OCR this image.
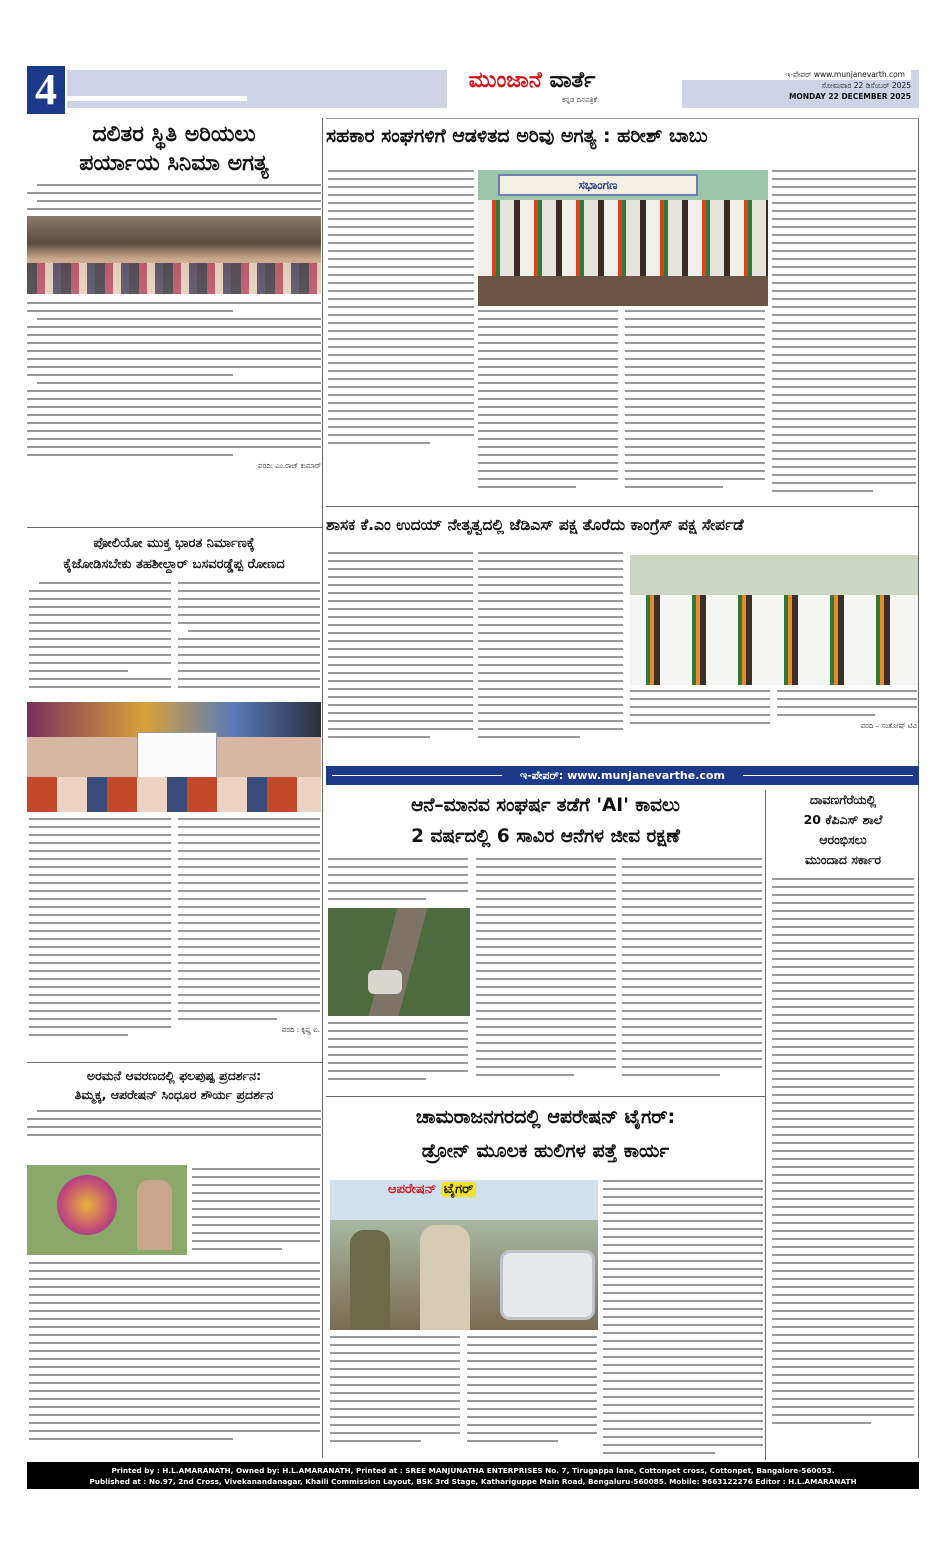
4	ಮುಂಜಾನೆ ವಾರ್ತೆ
ಕನ್ನಡ ದಿನಪತ್ರಿಕೆ
ಇ-ಪೇಪರ್ www.munjanevarth.com
ಸೋಮವಾರ 22 ಡಿಸೆಂಬರ್ 2025
MONDAY 22 DECEMBER 2025
ದಲಿತರ ಸ್ಥಿತಿ ಅರಿಯಲು
ಪರ್ಯಾಯ ಸಿನಿಮಾ ಅಗತ್ಯ
ವರದಿ: ಎಂ.ರಾಜ್ ಕುಮಾರ್
ಸಹಕಾರ ಸಂಘಗಳಿಗೆ ಆಡಳಿತದ ಅರಿವು ಅಗತ್ಯ : ಹರೀಶ್ ಬಾಬು
ಸಭಾಂಗಣ
ಪೋಲಿಯೋ ಮುಕ್ತ ಭಾರತ ನಿರ್ಮಾಣಕ್ಕೆ
ಕೈಜೋಡಿಸಬೇಕು ತಹಶೀಲ್ದಾರ್ ಬಸವರಡ್ಡೆಪ್ಪ ರೋಣದ
ವರದಿ : ಕೃಷ್ಣ ಐ.
ಶಾಸಕ ಕೆ.ಎಂ ಉದಯ್ ನೇತೃತ್ವದಲ್ಲಿ ಜೆಡಿಎಸ್ ಪಕ್ಷ ತೊರೆದು ಕಾಂಗ್ರೆಸ್ ಪಕ್ಷ ಸೇರ್ಪಡೆ
ವರದಿ – ಸಂತೋಷ್ ಟಿವಿ
ಇ-ಪೇಪರ್: www.munjanevarthe.com
ಆನೆ–ಮಾನವ ಸಂಘರ್ಷ ತಡೆಗೆ 'AI' ಕಾವಲು
2 ವರ್ಷದಲ್ಲಿ 6 ಸಾವಿರ ಆನೆಗಳ ಜೀವ ರಕ್ಷಣೆ
ದಾವಣಗೆರೆಯಲ್ಲಿ
20 ಕೆಪಿಎಸ್ ಶಾಲೆ
ಆರಂಭಿಸಲು
ಮುಂದಾದ ಸರ್ಕಾರ
ಅರಮನೆ ಆವರಣದಲ್ಲಿ ಫಲಪುಷ್ಪ ಪ್ರದರ್ಶನ:
ತಿಮ್ಮಕ್ಕ, ಆಪರೇಷನ್ ಸಿಂಧೂರ ಶೌರ್ಯ ಪ್ರದರ್ಶನ
ಚಾಮರಾಜನಗರದಲ್ಲಿ ಆಪರೇಷನ್ ಟೈಗರ್:
ಡ್ರೋನ್ ಮೂಲಕ ಹುಲಿಗಳ ಪತ್ತೆ ಕಾರ್ಯ
ಆಪರೇಷನ್ ಟೈಗರ್
Printed by : H.L.AMARANATH, Owned by: H.L.AMARANATH, Printed at : SREE MANJUNATHA ENTERPRISES No. 7, Tirugappa lane, Cottonpet cross, Cottonpet, Bangalore-560053.
Published at : No.97, 2nd Cross, Vivekanandanagar, Khaili Commission Layout, BSK 3rd Stage, Kathariguppe Main Road, Bengaluru-560085. Mobile: 9663122276 Editor : H.L.AMARANATH
